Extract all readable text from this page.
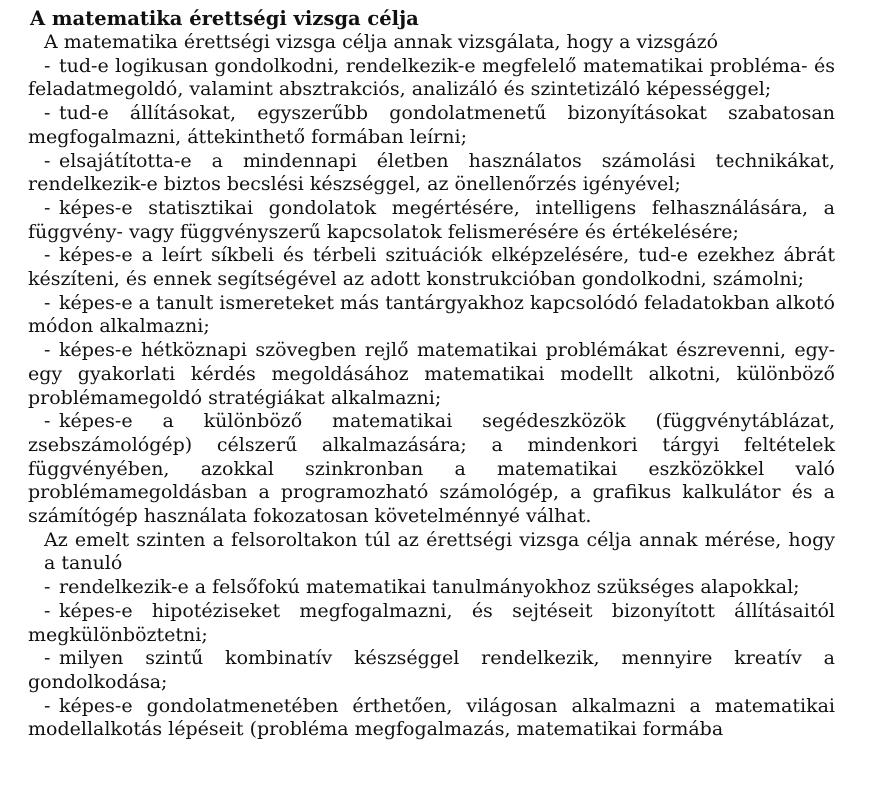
A matematika érettségi vizsga célja

A matematika érettségi vizsga célja annak vizsgálata, hogy a vizsgázó

- tud-e logikusan gondolkodni, rendelkezik-e megfelelő matematikai probléma- és feladatmegoldó, valamint absztrakciós, analizáló és szintetizáló képességgel;

- tud-e állításokat, egyszerűbb gondolatmenetű bizonyításokat szabatosan megfogalmazni, áttekinthető formában leírni;

- elsajátította-e a mindennapi életben használatos számolási technikákat, rendelkezik-e biztos becslési készséggel, az önellenőrzés igényével;

- képes-e statisztikai gondolatok megértésére, intelligens felhasználására, a függvény- vagy függvényszerű kapcsolatok felismerésére és értékelésére;

- képes-e a leírt síkbeli és térbeli szituációk elképzelésére, tud-e ezekhez ábrát készíteni, és ennek segítségével az adott konstrukcióban gondolkodni, számolni;

- képes-e a tanult ismereteket más tantárgyakhoz kapcsolódó feladatokban alkotó módon alkalmazni;

- képes-e hétköznapi szövegben rejlő matematikai problémákat észrevenni, egy-egy gyakorlati kérdés megoldásához matematikai modellt alkotni, különböző problémamegoldó stratégiákat alkalmazni;

- képes-e a különböző matematikai segédeszközök (függvénytáblázat, zsebszámológép) célszerű alkalmazására; a mindenkori tárgyi feltételek függvényében, azokkal szinkronban a matematikai eszközökkel való problémamegoldásban a programozható számológép, a grafikus kalkulátor és a számítógép használata fokozatosan követelménnyé válhat.

Az emelt szinten a felsoroltakon túl az érettségi vizsga célja annak mérése, hogy a tanuló

- rendelkezik-e a felsőfokú matematikai tanulmányokhoz szükséges alapokkal;

- képes-e hipotéziseket megfogalmazni, és sejtéseit bizonyított állításaitól megkülönböztetni;

- milyen szintű kombinatív készséggel rendelkezik, mennyire kreatív a gondolkodása;

- képes-e gondolatmenetében érthetően, világosan alkalmazni a matematikai modellalkotás lépéseit (probléma megfogalmazás, matematikai formába
